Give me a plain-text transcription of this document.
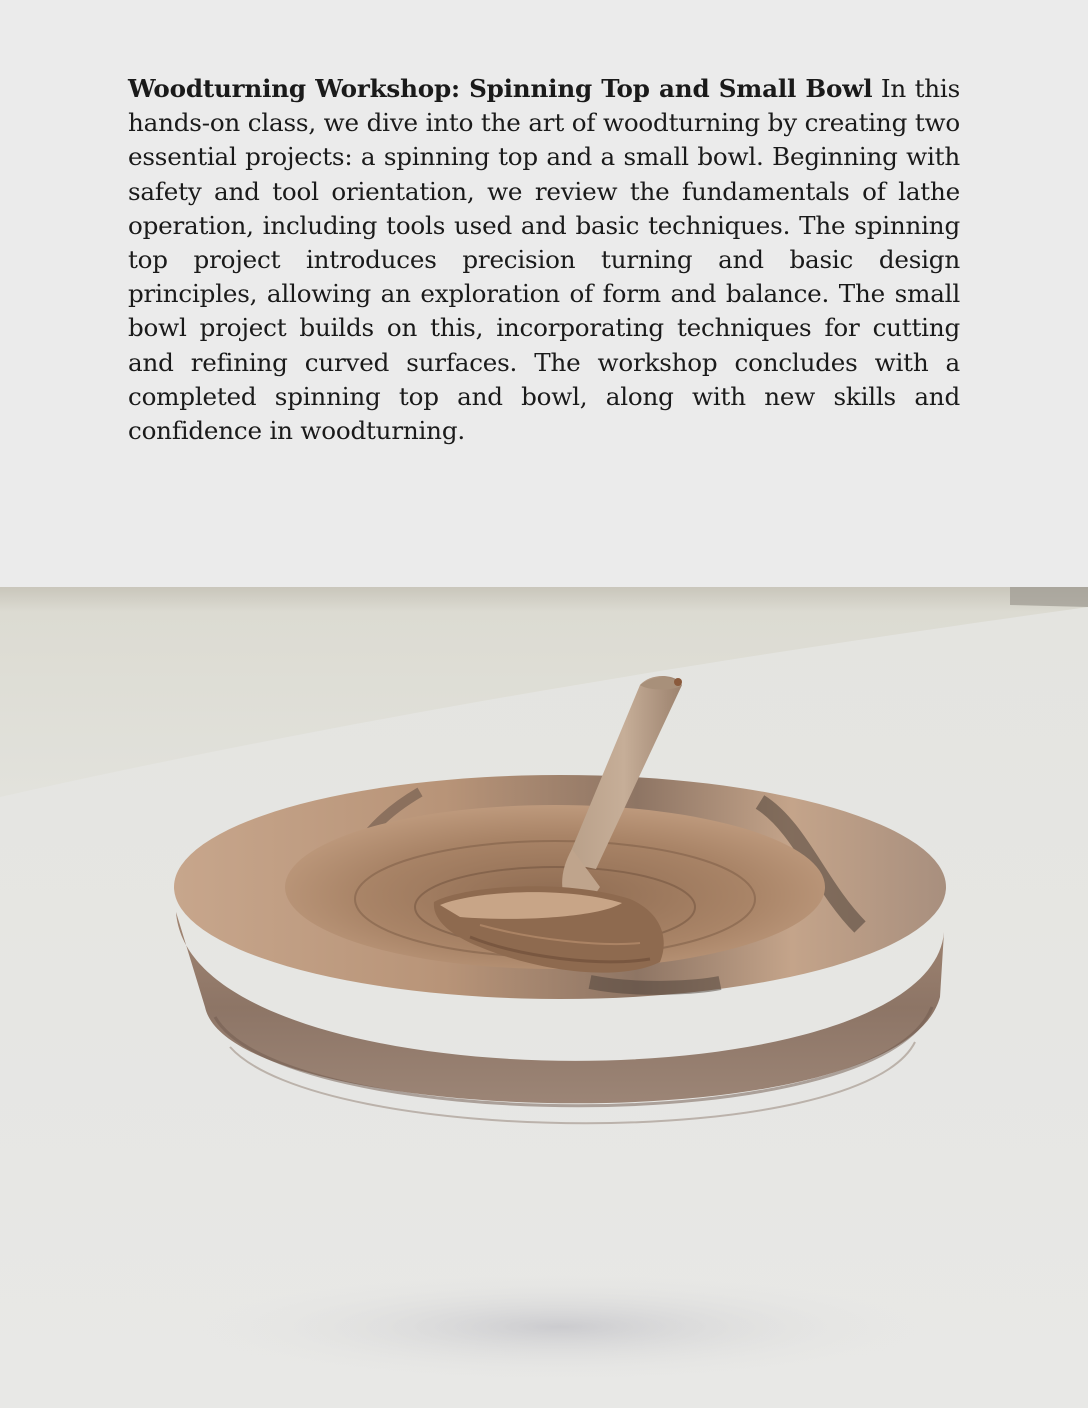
Woodturning Workshop: Spinning Top and Small Bowl In this hands-on class, we dive into the art of woodturning by creating two essential projects: a spinning top and a small bowl. Beginning with safety and tool orientation, we review the fundamentals of lathe operation, including tools used and basic techniques. The spinning top project introduces precision turning and basic design principles, allowing an exploration of form and balance. The small bowl project builds on this, incorporating techniques for cutting and refining curved surfaces. The workshop concludes with a completed spinning top and bowl, along with new skills and confidence in woodturning.
